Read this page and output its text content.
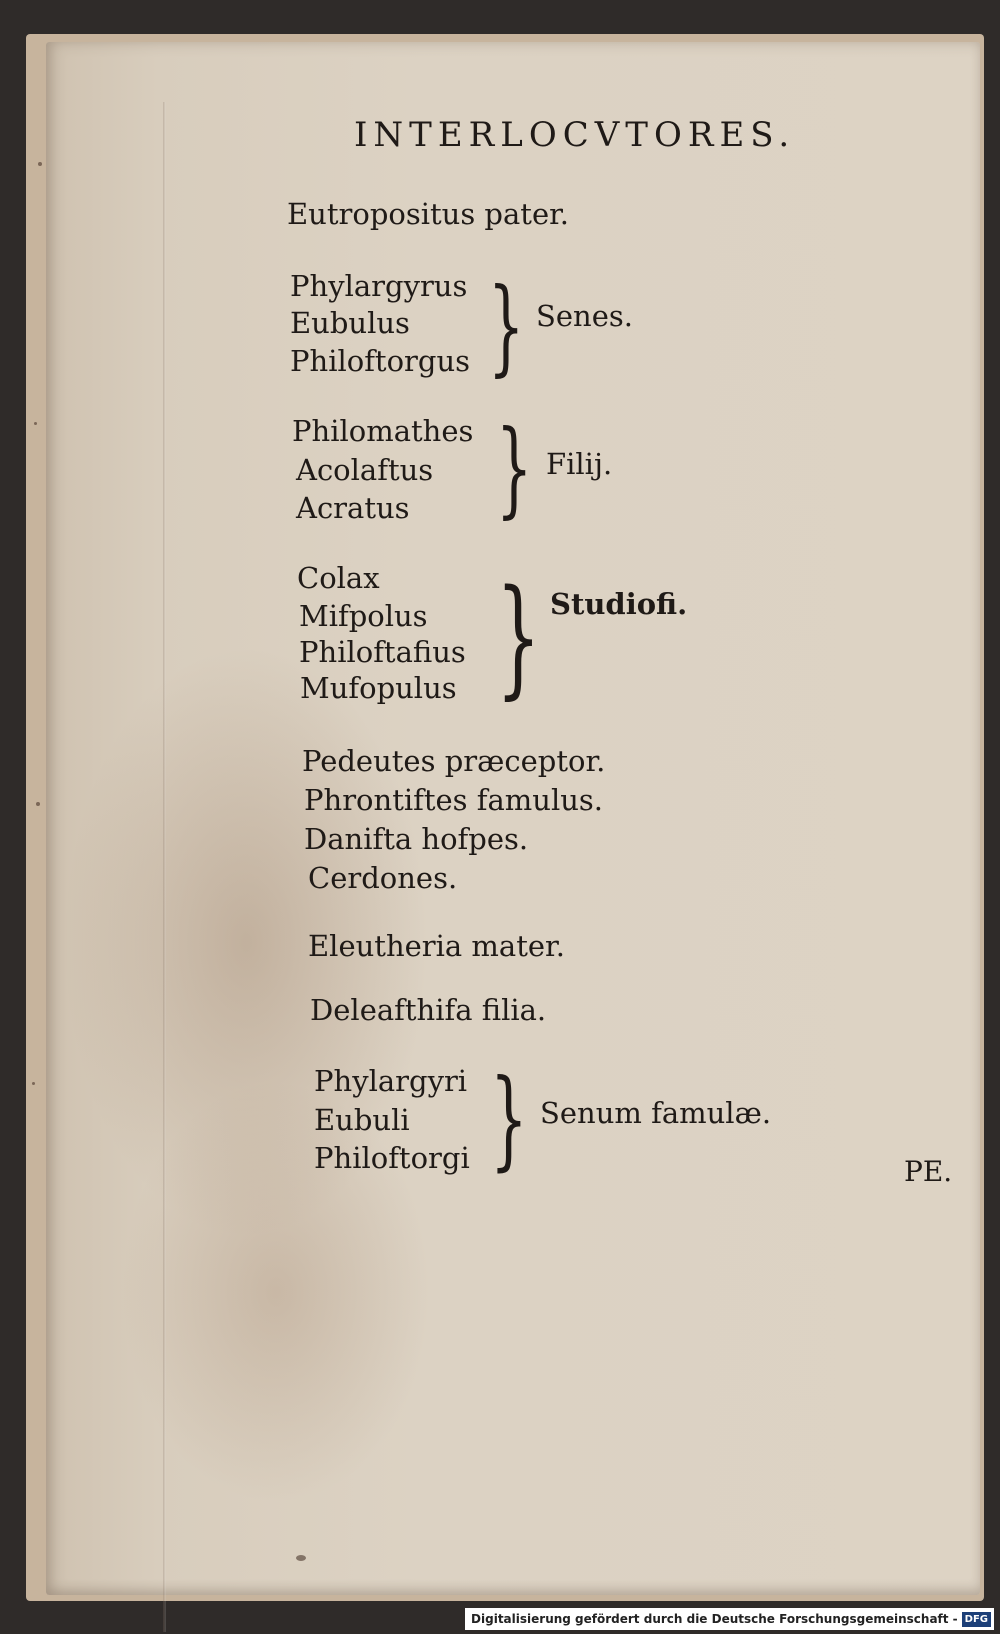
INTERLOCVTORES.
Eutropositus pater.
Phylargyrus
Eubulus
Philoftorgus } Senes.
Philomathes
Acolaftus
Acratus } Filij.
Colax
Mifpolus
Philoftafius
Mufopulus } Studiofi.
Pedeutes præceptor.
Phrontiftes famulus.
Danifta hofpes.
Cerdones.
Eleutheria mater.
Deleafthifa filia.
Phylargyri
Eubuli
Philoftorgi } Senum famulæ.
PE.
Digitalisierung gefördert durch die Deutsche Forschungsgemeinschaft - DFG
